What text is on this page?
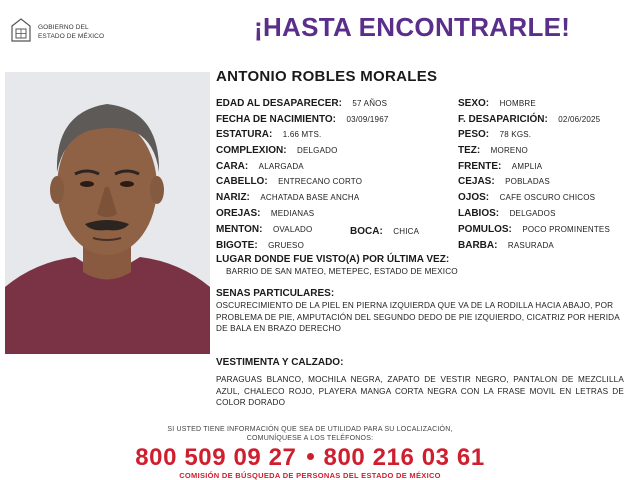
GOBIERNO DEL
ESTADO DE MÉXICO	¡HASTA ENCONTRARLE!
ANTONIO ROBLES MORALES
EDAD AL DESAPARECER: 57 AÑOS
FECHA DE NACIMIENTO: 03/09/1967
ESTATURA: 1.66 MTS.
COMPLEXION: DELGADO
CARA: ALARGADA
CABELLO: ENTRECANO CORTO
NARIZ: ACHATADA BASE ANCHA
OREJAS: MEDIANAS
MENTON: OVALADO	BOCA: CHICA
BIGOTE: GRUESO
SEXO: HOMBRE
F. DESAPARICIÓN: 02/06/2025
PESO: 78 KGS.
TEZ: MORENO
FRENTE: AMPLIA
CEJAS: POBLADAS
OJOS: CAFE OSCURO CHICOS
LABIOS: DELGADOS
POMULOS: POCO PROMINENTES
BARBA: RASURADA
LUGAR DONDE FUE VISTO(A) POR ÚLTIMA VEZ:
BARRIO DE SAN MATEO, METEPEC, ESTADO DE MEXICO
SENAS PARTICULARES:
OSCURECIMIENTO DE LA PIEL EN PIERNA IZQUIERDA QUE VA DE LA RODILLA HACIA ABAJO, POR PROBLEMA DE PIE, AMPUTACIÓN DEL SEGUNDO DEDO DE PIE IZQUIERDO, CICATRIZ POR HERIDA DE BALA EN BRAZO DERECHO
VESTIMENTA Y CALZADO:
PARAGUAS BLANCO, MOCHILA NEGRA, ZAPATO DE VESTIR NEGRO, PANTALON DE MEZCLILLA AZUL, CHALECO ROJO, PLAYERA MANGA CORTA NEGRA CON LA FRASE MOVIL EN LETRAS DE COLOR DORADO
SI USTED TIENE INFORMACIÓN QUE SEA DE UTILIDAD PARA SU LOCALIZACIÓN,
COMUNÍQUESE A LOS TELÉFONOS:
800 509 09 27 800 216 03 61
COMISIÓN DE BÚSQUEDA DE PERSONAS DEL ESTADO DE MÉXICO
